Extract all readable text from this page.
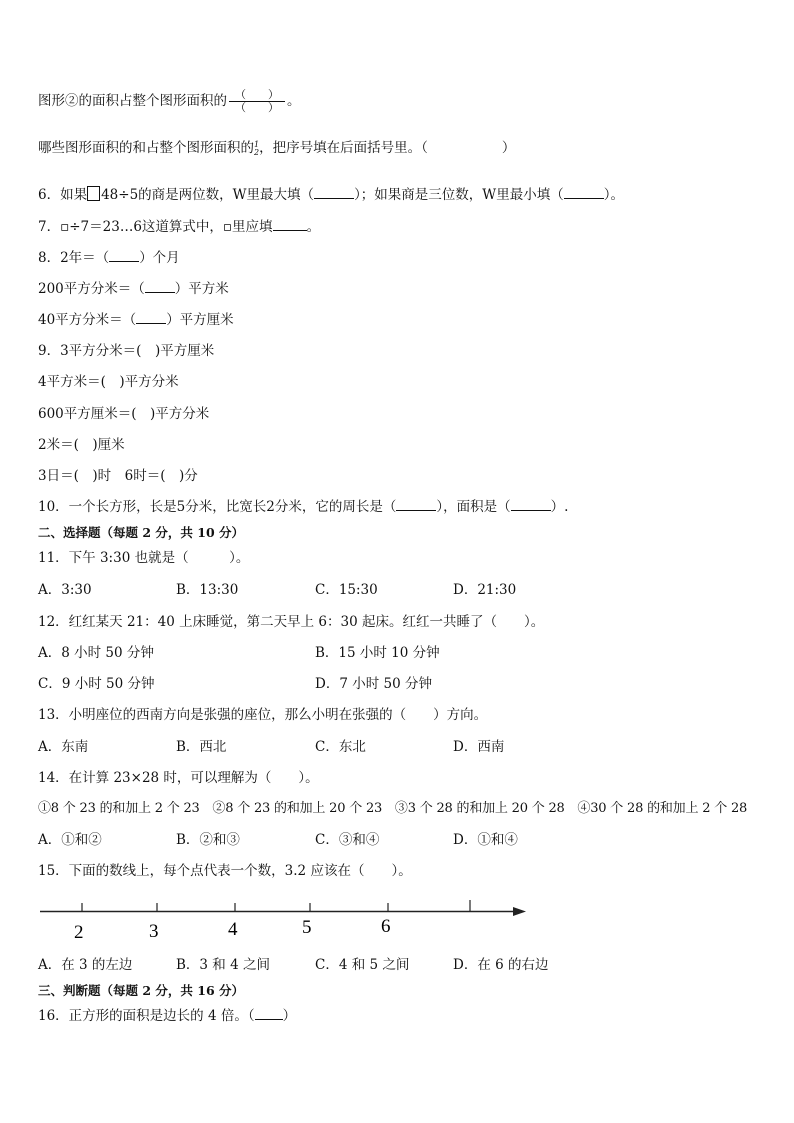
图形②的面积占整个图形面积的 $\frac{( )}{( )}$ 。
哪些图形面积的和占整个图形面积的 1
2 ，把序号填在后面括号里。（	）
6．如果 48÷5的商是两位数，W里最大填（	）；如果商是三位数，W里最小填（	）。
7．▫÷7＝23…6这道算式中，▫里应填	。
8．2年＝（ ）个月
200平方分米＝（ ）平方米
40平方分米＝（ ）平方厘米
9．3平方分米＝(　)平方厘米
4平方米＝(　)平方分米
600平方厘米＝(　)平方分米
2米＝(　)厘米
3日＝(　)时　6时＝(　)分
10．一个长方形，长是5分米，比宽长2分米，它的周长是（	），面积是（	）.
二、选择题（每题 2 分，共 10 分）
11．下午 3:30 也就是（　　　）。
A．3:30	B．13:30	C．15:30	D．21:30
12．红红某天 21：40 上床睡觉，第二天早上 6：30 起床。红红一共睡了（　　）。
A．8 小时 50 分钟	B．15 小时 10 分钟
C．9 小时 50 分钟	D．7 小时 50 分钟
13．小明座位的西南方向是张强的座位，那么小明在张强的（　　）方向。
A．东南	B．西北	C．东北	D．西南
14．在计算 23×28 时，可以理解为（　　）。
①8 个 23 的和加上 2 个 23　②8 个 23 的和加上 20 个 23　③3 个 28 的和加上 20 个 28　④30 个 28 的和加上 2 个 28
A．①和②	B．②和③	C．③和④	D．①和④
15．下面的数线上，每个点代表一个数，3.2 应该在（　　）。
2	3	4	5	6
A．在 3 的左边	B．3 和 4 之间	C．4 和 5 之间	D．在 6 的右边
三、判断题（每题 2 分，共 16 分）
16．正方形的面积是边长的 4 倍。（ ）
